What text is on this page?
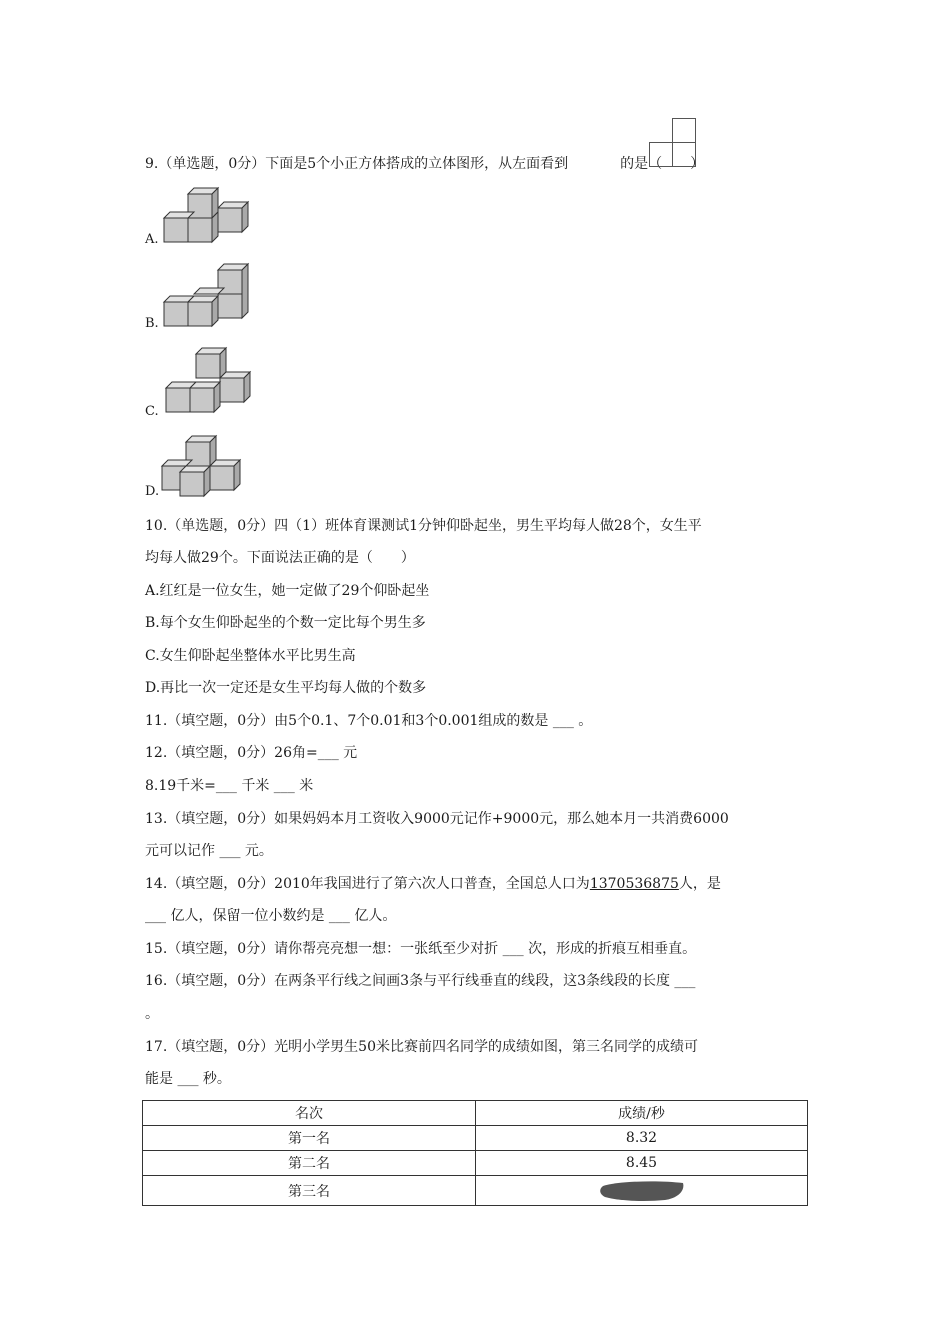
9.（单选题，0分）下面是5个小正方体搭成的立体图形，从左面看到	的是（　　）
A.
B.
C.
D.
10.（单选题，0分）四（1）班体育课测试1分钟仰卧起坐，男生平均每人做28个，女生平
均每人做29个。下面说法正确的是（　　）
A.红红是一位女生，她一定做了29个仰卧起坐
B.每个女生仰卧起坐的个数一定比每个男生多
C.女生仰卧起坐整体水平比男生高
D.再比一次一定还是女生平均每人做的个数多
11.（填空题，0分）由5个0.1、7个0.01和3个0.001组成的数是 ___ 。
12.（填空题，0分）26角=___ 元
8.19千米=___ 千米 ___ 米
13.（填空题，0分）如果妈妈本月工资收入9000元记作+9000元，那么她本月一共消费6000
元可以记作 ___ 元。
14.（填空题，0分）2010年我国进行了第六次人口普查，全国总人口为1370536875人，是
___ 亿人，保留一位小数约是 ___ 亿人。
15.（填空题，0分）请你帮亮亮想一想：一张纸至少对折 ___ 次，形成的折痕互相垂直。
16.（填空题，0分）在两条平行线之间画3条与平行线垂直的线段，这3条线段的长度 ___
。
17.（填空题，0分）光明小学男生50米比赛前四名同学的成绩如图，第三名同学的成绩可
能是 ___ 秒。
名次	成绩/秒
第一名	8.32
第二名	8.45
第三名	
